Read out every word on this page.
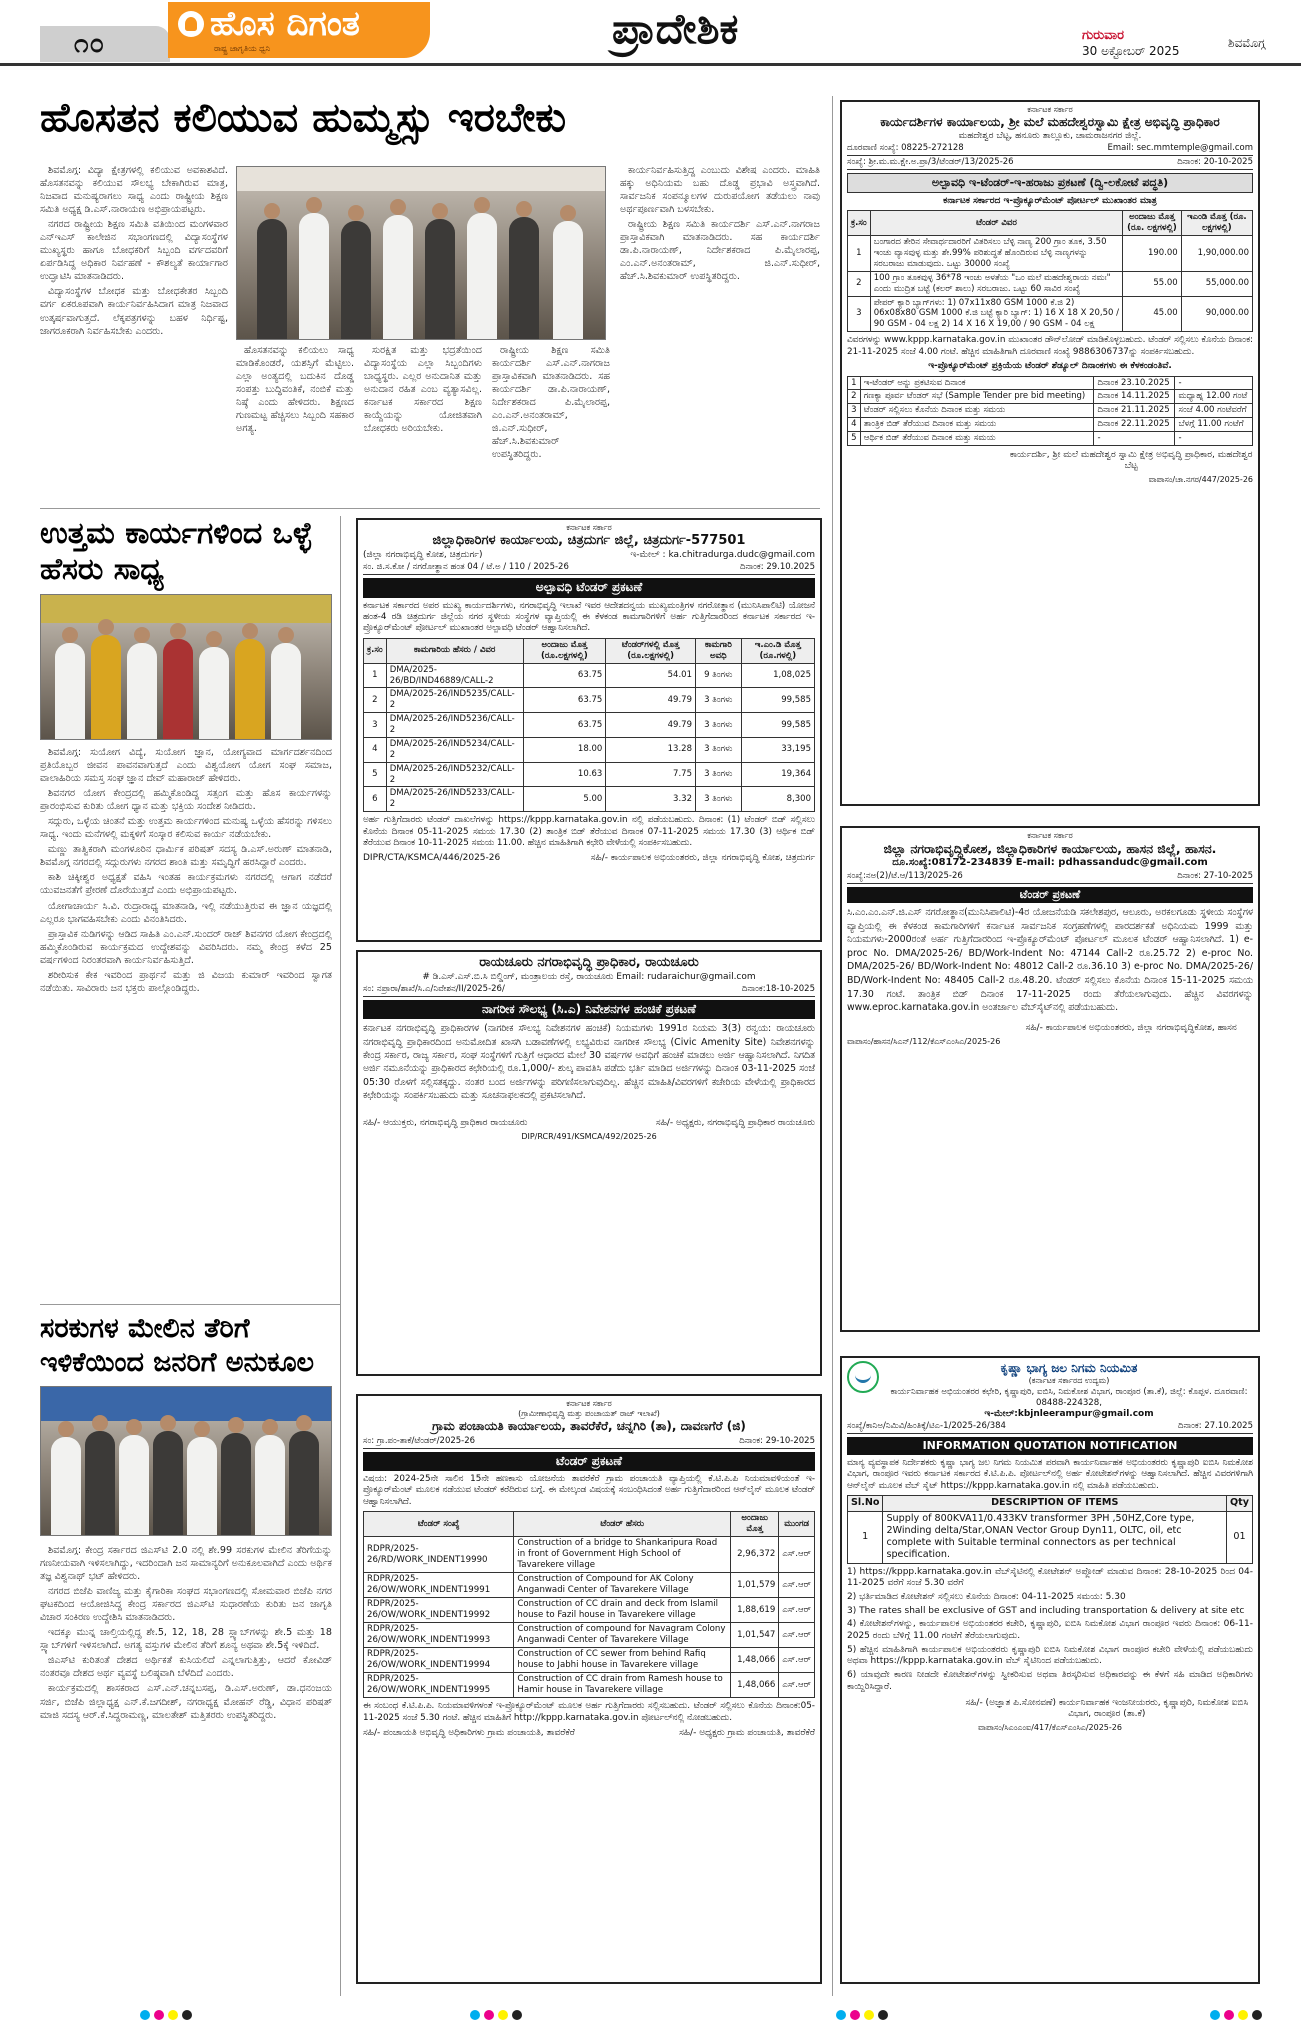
೧೦	ಹೊಸ ದಿಗಂತ
ರಾಷ್ಟ್ರ ಜಾಗೃತಿಯ ಧ್ವನಿ	ಪ್ರಾದೇಶಿಕ	ಗುರುವಾರ
30 ಅಕ್ಟೋಬರ್ 2025
ಶಿವಮೊಗ್ಗ
ಹೊಸತನ ಕಲಿಯುವ ಹುಮ್ಮಸ್ಸು ಇರಬೇಕು

ಶಿವಮೊಗ್ಗ: ವಿದ್ಯಾ ಕ್ಷೇತ್ರಗಳಲ್ಲಿ ಕಲಿಯುವ ಅವಕಾಶವಿದೆ. ಹೊಸತನವನ್ನು ಕಲಿಯುವ ಸೌಲಭ್ಯ ಬೇಕಾಗಿರುವ ಮಾತ್ರ, ನಿಜವಾದ ಮನುಷ್ಯರಾಗಲು ಸಾಧ್ಯ ಎಂದು ರಾಷ್ಟ್ರೀಯ ಶಿಕ್ಷಣ ಸಮಿತಿ ಅಧ್ಯಕ್ಷ ಡಿ.ಎಸ್.ನಾರಾಯಣ ಅಭಿಪ್ರಾಯಪಟ್ಟರು.

ನಗರದ ರಾಷ್ಟ್ರೀಯ ಶಿಕ್ಷಣ ಸಮಿತಿ ವತಿಯಿಂದ ಮಂಗಳವಾರ ಎನ್‌ಇಎಸ್ ಕಾಲೇಜಿನ ಸಭಾಂಗಣದಲ್ಲಿ ವಿದ್ಯಾಸಂಸ್ಥೆಗಳ ಮುಖ್ಯಸ್ಥರು ಹಾಗೂ ಬೋಧಕರಿಗೆ ಸಿಬ್ಬಂದಿ ವರ್ಗದವರಿಗೆ ಏರ್ಪಡಿಸಿದ್ದ ಅಧಿಕಾರ ನಿರ್ವಹಣೆ - ಕೌಶಲ್ಯತೆ ಕಾರ್ಯಾಗಾರ ಉದ್ಘಾಟಿಸಿ ಮಾತನಾಡಿದರು.

ವಿದ್ಯಾಸಂಸ್ಥೆಗಳ ಬೋಧಕ ಮತ್ತು ಬೋಧಕೇತರ ಸಿಬ್ಬಂದಿ ವರ್ಗ ಏಕರೂಪವಾಗಿ ಕಾರ್ಯನಿರ್ವಹಿಸಿದಾಗ ಮಾತ್ರ ನಿಜವಾದ ಉತ್ಕರ್ಷವಾಗುತ್ತದೆ. ಲೆಕ್ಕಪತ್ರಗಳನ್ನು ಬಹಳ ನಿರ್ಧಿಷ್ಟ, ಜಾಗರೂಕರಾಗಿ ನಿರ್ವಹಿಸಬೇಕು ಎಂದರು.

ಹೊಸತನವನ್ನು ಕಲಿಯಲು ಸಾಧ್ಯ ಮಾಡಿಕೊಂಡರೆ, ಯಶಸ್ಸಿಗೆ ಮೆಟ್ಟಿಲು. ಎಲ್ಲಾ ಅಂತ್ಯದಲ್ಲಿ ಬದುಕಿನ ದೊಡ್ಡ ಸಂಪತ್ತು ಬುದ್ಧಿವಂತಿಕೆ, ನಂಬಿಕೆ ಮತ್ತು ನಿಷ್ಠೆ ಎಂದು ಹೇಳಿದರು. ಶಿಕ್ಷಣದ ಗುಣಮಟ್ಟ ಹೆಚ್ಚಿಸಲು ಸಿಬ್ಬಂದಿ ಸಹಕಾರ ಅಗತ್ಯ.

ಸುರಕ್ಷಿತ ಮತ್ತು ಭದ್ರತೆಯಿಂದ ವಿದ್ಯಾಸಂಸ್ಥೆಯ ಎಲ್ಲಾ ಸಿಬ್ಬಂದಿಗಳು ಬಾಧ್ಯಸ್ಥರು. ಎಲ್ಲರ ಅನುದಾನಿತ ಮತ್ತು ಅನುದಾನ ರಹಿತ ಎಂಬ ವ್ಯತ್ಯಾಸವಿಲ್ಲ. ಕರ್ನಾಟಕ ಸರ್ಕಾರದ ಶಿಕ್ಷಣ ಕಾಯ್ದೆಯನ್ನು ಯೋಜಿತವಾಗಿ ಬೋಧಕರು ಅರಿಯಬೇಕು.

ಕಾರ್ಯನಿರ್ವಹಿಸುತ್ತಿದ್ದ ಎಂಬುದು ವಿಶೇಷ ಎಂದರು. ಮಾಹಿತಿ ಹಕ್ಕು ಅಧಿನಿಯಮ ಬಹು ದೊಡ್ಡ ಪ್ರಭಾವಿ ಅಸ್ತ್ರವಾಗಿದೆ. ಸಾರ್ವಜನಿಕ ಸಂಪನ್ಮೂಲಗಳ ದುರುಪಯೋಗ ತಡೆಯಲು ನಾವು ಅರ್ಥಪೂರ್ಣವಾಗಿ ಬಳಸಬೇಕು.

ರಾಷ್ಟ್ರೀಯ ಶಿಕ್ಷಣ ಸಮಿತಿ ಕಾರ್ಯದರ್ಶಿ ಎಸ್.ಎನ್.ನಾಗರಾಜ ಪ್ರಾಸ್ತಾವಿಕವಾಗಿ ಮಾತನಾಡಿದರು. ಸಹ ಕಾರ್ಯದರ್ಶಿ ಡಾ.ಪಿ.ನಾರಾಯಣ್, ನಿರ್ದೇಶಕರಾದ ಪಿ.ಮೈಲಾರಪ್ಪ, ಎಂ.ಎನ್.ಅನಂತರಾಮ್, ಜಿ.ಎನ್.ಸುಧೀರ್, ಹೆಚ್.ಸಿ.ಶಿವಕುಮಾರ್ ಉಪಸ್ಥಿತರಿದ್ದರು.

ರಾಷ್ಟ್ರೀಯ ಶಿಕ್ಷಣ ಸಮಿತಿ ಕಾರ್ಯದರ್ಶಿ ಎಸ್.ಎನ್.ನಾಗರಾಜ ಪ್ರಾಸ್ತಾವಿಕವಾಗಿ ಮಾತನಾಡಿದರು. ಸಹ ಕಾರ್ಯದರ್ಶಿ ಡಾ.ಪಿ.ನಾರಾಯಣ್, ನಿರ್ದೇಶಕರಾದ ಪಿ.ಮೈಲಾರಪ್ಪ, ಎಂ.ಎನ್.ಅನಂತರಾಮ್, ಜಿ.ಎನ್.ಸುಧೀರ್, ಹೆಚ್.ಸಿ.ಶಿವಕುಮಾರ್ ಉಪಸ್ಥಿತರಿದ್ದರು.

ಉತ್ತಮ ಕಾರ್ಯಗಳಿಂದ ಒಳ್ಳೆ ಹೆಸರು ಸಾಧ್ಯ

ಶಿವಮೊಗ್ಗ: ಸುಯೋಗ ವಿದ್ಯೆ, ಸುಯೋಗ ಜ್ಞಾನ, ಯೋಗ್ಯವಾದ ಮಾರ್ಗದರ್ಶನದಿಂದ ಪ್ರತಿಯೊಬ್ಬರ ಜೀವನ ಪಾವನವಾಗುತ್ತದೆ ಎಂದು ವಿಶ್ವಯೋಗ ಯೋಗ ಸಂಘ ಸಮಾಜ, ವಾಲಾಹಿರಿಯ ಸಮಸ್ತ ಸಂಘ ಜ್ಞಾನ ದೇವ್ ಮಹಾರಾಜ್ ಹೇಳಿದರು.

ಶಿವನಗರ ಯೋಗ ಕೇಂದ್ರದಲ್ಲಿ ಹಮ್ಮಿಕೊಂಡಿದ್ದ ಸತ್ಸಂಗ ಮತ್ತು ಹೊಸ ಕಾರ್ಯಗಳನ್ನು ಪ್ರಾರಂಭಿಸುವ ಕುರಿತು ಯೋಗ ಧ್ಯಾನ ಮತ್ತು ಭಕ್ತಿಯ ಸಂದೇಶ ನೀಡಿದರು.

ಸದ್ಗುರು, ಒಳ್ಳೆಯ ಚಿಂತನೆ ಮತ್ತು ಉತ್ತಮ ಕಾರ್ಯಗಳಿಂದ ಮನುಷ್ಯ ಒಳ್ಳೆಯ ಹೆಸರನ್ನು ಗಳಿಸಲು ಸಾಧ್ಯ. ಇಂದು ಮನೆಗಳಲ್ಲಿ ಮಕ್ಕಳಿಗೆ ಸಂಸ್ಕಾರ ಕಲಿಸುವ ಕಾರ್ಯ ನಡೆಯಬೇಕು.

ಮಣ್ಣು ತಾತ್ವಿಕರಾಗಿ ಮಂಗಳೂರಿನ ಧಾರ್ಮಿಕ ಪರಿಷತ್ ಸದಸ್ಯ ಡಿ.ಎಸ್.ಅರುಣ್ ಮಾತನಾಡಿ, ಶಿವಮೊಗ್ಗ ನಗರದಲ್ಲಿ ಸದ್ಗುರುಗಳು ನಗರದ ಶಾಂತಿ ಮತ್ತು ಸಮೃದ್ಧಿಗೆ ಹರಸಿದ್ದಾರೆ ಎಂದರು.

ಕಾಶಿ ಚಿಕ್ಕೀಶ್ವರ ಅಧ್ಯಕ್ಷತೆ ವಹಿಸಿ ಇಂತಹ ಕಾರ್ಯಕ್ರಮಗಳು ನಗರದಲ್ಲಿ ಆಗಾಗ ನಡೆದರೆ ಯುವಜನತೆಗೆ ಪ್ರೇರಣೆ ದೊರೆಯುತ್ತದೆ ಎಂದು ಅಭಿಪ್ರಾಯಪಟ್ಟರು.

ಯೋಗಾಚಾರ್ಯ ಸಿ.ವಿ. ರುದ್ರಾರಾಧ್ಯ ಮಾತನಾಡಿ, ಇಲ್ಲಿ ನಡೆಯುತ್ತಿರುವ ಈ ಜ್ಞಾನ ಯಜ್ಞದಲ್ಲಿ ಎಲ್ಲರೂ ಭಾಗವಹಿಸಬೇಕು ಎಂದು ವಿನಂತಿಸಿದರು.

ಪ್ರಾಸ್ತಾವಿಕ ನುಡಿಗಳನ್ನು ಆಡಿದ ಸಾಹಿತಿ ಎಂ.ಎನ್.ಸುಂದರ್ ರಾಜ್ ಶಿವನಗರ ಯೋಗ ಕೇಂದ್ರದಲ್ಲಿ ಹಮ್ಮಿಕೊಂಡಿರುವ ಕಾರ್ಯಕ್ರಮದ ಉದ್ದೇಶವನ್ನು ವಿವರಿಸಿದರು. ನಮ್ಮ ಕೇಂದ್ರ ಕಳೆದ 25 ವರ್ಷಗಳಿಂದ ನಿರಂತರವಾಗಿ ಕಾರ್ಯನಿರ್ವಹಿಸುತ್ತಿದೆ.

ಶರೀರಿಸುಕ ಕೇಕ ಇವರಿಂದ ಪ್ರಾರ್ಥನೆ ಮತ್ತು ಜಿ ವಿಜಯ ಕುಮಾರ್ ಇವರಿಂದ ಸ್ವಾಗತ ನಡೆಯಿತು. ಸಾವಿರಾರು ಜನ ಭಕ್ತರು ಪಾಲ್ಗೊಂಡಿದ್ದರು.

ಸರಕುಗಳ ಮೇಲಿನ ತೆರಿಗೆ ಇಳಿಕೆಯಿಂದ ಜನರಿಗೆ ಅನುಕೂಲ

ಶಿವಮೊಗ್ಗ: ಕೇಂದ್ರ ಸರ್ಕಾರದ ಜಿಎಸ್‌ಟಿ 2.0 ನಲ್ಲಿ ಶೇ.99 ಸರಕುಗಳ ಮೇಲಿನ ತೆರಿಗೆಯನ್ನು ಗಣನೀಯವಾಗಿ ಇಳಿಸಲಾಗಿದ್ದು, ಇದರಿಂದಾಗಿ ಜನ ಸಾಮಾನ್ಯರಿಗೆ ಅನುಕೂಲವಾಗಿದೆ ಎಂದು ಅರ್ಥಿಕ ತಜ್ಞ ವಿಶ್ವನಾಥ್ ಭಟ್ ಹೇಳಿದರು.

ನಗರದ ಬಿಜೆಪಿ ವಾಣಿಜ್ಯ ಮತ್ತು ಕೈಗಾರಿಕಾ ಸಂಘದ ಸಭಾಂಗಣದಲ್ಲಿ ಸೋಮವಾರ ಬಿಜೆಪಿ ನಗರ ಘಟಕದಿಂದ ಆಯೋಜಿಸಿದ್ದ ಕೇಂದ್ರ ಸರ್ಕಾರದ ಜಿಎಸ್‌ಟಿ ಸುಧಾರಣೆಯ ಕುರಿತು ಜನ ಜಾಗೃತಿ ವಿಚಾರ ಸಂಕಿರಣ ಉದ್ದೇಶಿಸಿ ಮಾತನಾಡಿದರು.

ಇದಕ್ಕೂ ಮುನ್ನ ಚಾಲ್ತಿಯಲ್ಲಿದ್ದ ಶೇ.5, 12, 18, 28 ಸ್ಲ್ಯಾಬ್‌ಗಳನ್ನು ಶೇ.5 ಮತ್ತು 18 ಸ್ಲ್ಯಾಬ್‌ಗಳಿಗೆ ಇಳಿಸಲಾಗಿದೆ. ಅಗತ್ಯ ವಸ್ತುಗಳ ಮೇಲಿನ ತೆರಿಗೆ ಶೂನ್ಯ ಅಥವಾ ಶೇ.5ಕ್ಕೆ ಇಳಿದಿದೆ.

ಜಿಎಸ್‌ಟಿ ಕುರಿತಂತೆ ದೇಶದ ಅರ್ಥಿಕತೆ ಕುಸಿಯಲಿದೆ ಎನ್ನಲಾಗುತ್ತಿತ್ತು, ಆದರೆ ಕೋವಿಡ್ ನಂತರವೂ ದೇಶದ ಅರ್ಥ ವ್ಯವಸ್ಥೆ ಬಲಿಷ್ಠವಾಗಿ ಬೆಳೆದಿದೆ ಎಂದರು.

ಕಾರ್ಯಕ್ರಮದಲ್ಲಿ ಶಾಸಕರಾದ ಎಸ್.ಎನ್.ಚನ್ನಬಸಪ್ಪ, ಡಿ.ಎಸ್.ಅರುಣ್, ಡಾ.ಧನಂಜಯ ಸರ್ಜಿ, ಬಿಜೆಪಿ ಜಿಲ್ಲಾಧ್ಯಕ್ಷ ಎನ್.ಕೆ.ಜಗದೀಶ್, ನಗರಾಧ್ಯಕ್ಷ ಮೋಹನ್ ರೆಡ್ಡಿ, ವಿಧಾನ ಪರಿಷತ್ ಮಾಜಿ ಸದಸ್ಯ ಆರ್.ಕೆ.ಸಿದ್ದರಾಮಣ್ಣ, ಮಾಲತೇಶ್ ಮತ್ತಿತರರು ಉಪಸ್ಥಿತರಿದ್ದರು.

ಕರ್ನಾಟಕ ಸರ್ಕಾರ
ಜಿಲ್ಲಾಧಿಕಾರಿಗಳ ಕಾರ್ಯಾಲಯ, ಚಿತ್ರದುರ್ಗ ಜಿಲ್ಲೆ, ಚಿತ್ರದುರ್ಗ-577501
(ಜಿಲ್ಲಾ ನಗರಾಭಿವೃದ್ಧಿ ಕೋಶ, ಚಿತ್ರದುರ್ಗ)	ಇ-ಮೇಲ್ : ka.chitradurga.dudc@gmail.com
ಸಂ. ಜಿ.ಸ.ಕೋ / ನಗರೋತ್ಥಾನ ಹಂತ 04 / ಟೆ.ಅ / 110 / 2025-26	ದಿನಾಂಕ: 29.10.2025
ಅಲ್ಪಾವಧಿ ಟೆಂಡರ್ ಪ್ರಕಟಣೆ
ಕರ್ನಾಟಕ ಸರ್ಕಾರದ ಅಪರ ಮುಖ್ಯ ಕಾರ್ಯದರ್ಶಿಗಳು, ನಗರಾಭಿವೃದ್ಧಿ ಇಲಾಖೆ ಇವರ ಆದೇಶದನ್ವಯ ಮುಖ್ಯಮಂತ್ರಿಗಳ ನಗರೋತ್ಥಾನ (ಮುನಿಸಿಪಾಲಿಟಿ) ಯೋಜನೆ ಹಂತ-4 ರಡಿ ಚಿತ್ರದುರ್ಗ ಜಿಲ್ಲೆಯ ನಗರ ಸ್ಥಳೀಯ ಸಂಸ್ಥೆಗಳ ವ್ಯಾಪ್ತಿಯಲ್ಲಿ ಈ ಕೆಳಕಂಡ ಕಾಮಗಾರಿಗಳಿಗೆ ಅರ್ಹ ಗುತ್ತಿಗೆದಾರರಿಂದ ಕರ್ನಾಟಕ ಸರ್ಕಾರದ ಇ-ಪ್ರೊಕ್ಯೂರ್‌ಮೆಂಟ್ ಪೋರ್ಟಲ್ ಮುಖಾಂತರ ಅಲ್ಪಾವಧಿ ಟೆಂಡರ್ ಆಹ್ವಾನಿಸಲಾಗಿದೆ.
ಕ್ರ.ಸಂ	ಕಾಮಗಾರಿಯ ಹೆಸರು / ವಿವರ	ಅಂದಾಜು ಮೊತ್ತ (ರೂ.ಲಕ್ಷಗಳಲ್ಲಿ)	ಟೆಂಡರ್‌ಗಳಲ್ಲಿ ಮೊತ್ತ (ರೂ.ಲಕ್ಷಗಳಲ್ಲಿ)	ಕಾಮಗಾರಿ ಅವಧಿ	ಇ.ಎಂ.ಡಿ ಮೊತ್ತ (ರೂ.ಗಳಲ್ಲಿ)
1	DMA/2025-26/BD/IND46889/CALL-2	63.75	54.01	9 ತಿಂಗಳು	1,08,025
2	DMA/2025-26/IND5235/CALL-2	63.75	49.79	3 ತಿಂಗಳು	99,585
3	DMA/2025-26/IND5236/CALL-2	63.75	49.79	3 ತಿಂಗಳು	99,585
4	DMA/2025-26/IND5234/CALL-2	18.00	13.28	3 ತಿಂಗಳು	33,195
5	DMA/2025-26/IND5232/CALL-2	10.63	7.75	3 ತಿಂಗಳು	19,364
6	DMA/2025-26/IND5233/CALL-2	5.00	3.32	3 ತಿಂಗಳು	8,300
ಅರ್ಹ ಗುತ್ತಿಗೆದಾರರು ಟೆಂಡರ್ ದಾಖಲೆಗಳನ್ನು https://kppp.karnataka.gov.in ನಲ್ಲಿ ಪಡೆಯಬಹುದು. ದಿನಾಂಕ: (1) ಟೆಂಡರ್ ಬಿಡ್ ಸಲ್ಲಿಸಲು ಕೊನೆಯ ದಿನಾಂಕ 05-11-2025 ಸಮಯ 17.30 (2) ತಾಂತ್ರಿಕ ಬಿಡ್ ತೆರೆಯುವ ದಿನಾಂಕ 07-11-2025 ಸಮಯ 17.30 (3) ಆರ್ಥಿಕ ಬಿಡ್ ತೆರೆಯುವ ದಿನಾಂಕ 10-11-2025 ಸಮಯ 11.00. ಹೆಚ್ಚಿನ ಮಾಹಿತಿಗಾಗಿ ಕಛೇರಿ ವೇಳೆಯಲ್ಲಿ ಸಂಪರ್ಕಿಸಬಹುದು.
DIPR/CTA/KSMCA/446/2025-26	ಸಹಿ/- ಕಾರ್ಯಪಾಲಕ ಅಭಿಯಂತರರು, ಜಿಲ್ಲಾ ನಗರಾಭಿವೃದ್ಧಿ ಕೋಶ, ಚಿತ್ರದುರ್ಗ
ರಾಯಚೂರು ನಗರಾಭಿವೃದ್ಧಿ ಪ್ರಾಧಿಕಾರ, ರಾಯಚೂರು
# ಡಿ.ಎಸ್.ಎಸ್.ಬಿ.ಸಿ ಬಿಲ್ಡಿಂಗ್, ಮಂತ್ರಾಲಯ ರಸ್ತೆ, ರಾಯಚೂರು Email: rudaraichur@gmail.com
ಸಂ: ನಪ್ರಾರಾ/ಶಾಖೆ/ಸಿ.ಎ/ನಿವೇಶನ/II/2025-26/	ದಿನಾಂಕ:18-10-2025
ನಾಗರೀಕ ಸೌಲಭ್ಯ (ಸಿ.ಎ) ನಿವೇಶನಗಳ ಹಂಚಿಕೆ ಪ್ರಕಟಣೆ
ಕರ್ನಾಟಕ ನಗರಾಭಿವೃದ್ಧಿ ಪ್ರಾಧಿಕಾರಗಳ (ನಾಗರೀಕ ಸೌಲಭ್ಯ ನಿವೇಶನಗಳ ಹಂಚಿಕೆ) ನಿಯಮಗಳು 1991ರ ನಿಯಮ 3(3) ರನ್ವಯ: ರಾಯಚೂರು ನಗರಾಭಿವೃದ್ಧಿ ಪ್ರಾಧಿಕಾರದಿಂದ ಅನುಮೋದಿತ ಖಾಸಗಿ ಬಡಾವಣೆಗಳಲ್ಲಿ ಲಭ್ಯವಿರುವ ನಾಗರೀಕ ಸೌಲಭ್ಯ (Civic Amenity Site) ನಿವೇಶನಗಳನ್ನು ಕೇಂದ್ರ ಸರ್ಕಾರ, ರಾಜ್ಯ ಸರ್ಕಾರ, ಸಂಘ ಸಂಸ್ಥೆಗಳಿಗೆ ಗುತ್ತಿಗೆ ಆಧಾರದ ಮೇಲೆ 30 ವರ್ಷಗಳ ಅವಧಿಗೆ ಹಂಚಿಕೆ ಮಾಡಲು ಅರ್ಜಿ ಆಹ್ವಾನಿಸಲಾಗಿದೆ. ನಿಗದಿತ ಅರ್ಜಿ ನಮೂನೆಯನ್ನು ಪ್ರಾಧಿಕಾರದ ಕಛೇರಿಯಲ್ಲಿ ರೂ.1,000/- ಶುಲ್ಕ ಪಾವತಿಸಿ ಪಡೆದು ಭರ್ತಿ ಮಾಡಿದ ಅರ್ಜಿಗಳನ್ನು ದಿನಾಂಕ 03-11-2025 ಸಂಜೆ 05:30 ರೊಳಗೆ ಸಲ್ಲಿಸತಕ್ಕದ್ದು. ನಂತರ ಬಂದ ಅರ್ಜಿಗಳನ್ನು ಪರಿಗಣಿಸಲಾಗುವುದಿಲ್ಲ. ಹೆಚ್ಚಿನ ಮಾಹಿತಿ/ವಿವರಗಳಿಗೆ ಕಚೇರಿಯ ವೇಳೆಯಲ್ಲಿ ಪ್ರಾಧಿಕಾರದ ಕಛೇರಿಯನ್ನು ಸಂಪರ್ಕಿಸಬಹುದು ಮತ್ತು ಸೂಚನಾಫಲಕದಲ್ಲಿ ಪ್ರಕಟಿಸಲಾಗಿದೆ.
ಸಹಿ/- ಆಯುಕ್ತರು, ನಗರಾಭಿವೃದ್ಧಿ ಪ್ರಾಧಿಕಾರ ರಾಯಚೂರು	ಸಹಿ/- ಅಧ್ಯಕ್ಷರು, ನಗರಾಭಿವೃದ್ಧಿ ಪ್ರಾಧಿಕಾರ ರಾಯಚೂರು
DIP/RCR/491/KSMCA/492/2025-26
ಕರ್ನಾಟಕ ಸರ್ಕಾರ
(ಗ್ರಾಮೀಣಾಭಿವೃದ್ಧಿ ಮತ್ತು ಪಂಚಾಯತ್ ರಾಜ್ ಇಲಾಖೆ)
ಗ್ರಾಮ ಪಂಚಾಯತಿ ಕಾರ್ಯಾಲಯ, ತಾವರೆಕೆರೆ, ಚನ್ನಗಿರಿ (ತಾ), ದಾವಣಗೆರೆ (ಜಿ)
ಸಂ: ಗ್ರಾ.ಪಂ-ತಾಕೆ/ಟೆಂಡರ್/2025-26	ದಿನಾಂಕ: 29-10-2025
ಟೆಂಡರ್ ಪ್ರಕಟಣೆ
ವಿಷಯ: 2024-25ನೇ ಸಾಲಿನ 15ನೇ ಹಣಕಾಸು ಯೋಜನೆಯ ತಾವರೆಕೆರೆ ಗ್ರಾಮ ಪಂಚಾಯತಿ ವ್ಯಾಪ್ತಿಯಲ್ಲಿ ಕೆ.ಟಿ.ಪಿ.ಪಿ ನಿಯಮಾವಳಿಯಂತೆ ಇ-ಪ್ರೊಕ್ಯೂರ್‌ಮೆಂಟ್ ಮೂಲಕ ನಡೆಯುವ ಟೆಂಡರ್ ಕರೆದಿರುವ ಬಗ್ಗೆ. ಈ ಮೇಲ್ಕಂಡ ವಿಷಯಕ್ಕೆ ಸಂಬಂಧಿಸಿದಂತೆ ಅರ್ಹ ಗುತ್ತಿಗೆದಾರರಿಂದ ಆನ್‌ಲೈನ್ ಮೂಲಕ ಟೆಂಡರ್ ಆಹ್ವಾನಿಸಲಾಗಿದೆ.
ಟೆಂಡರ್ ಸಂಖ್ಯೆ	ಟೆಂಡರ್ ಹೆಸರು	ಅಂದಾಜು ಮೊತ್ತ	ಮುಂಗಡ
RDPR/2025-26/RD/WORK_INDENT19990	Construction of a bridge to Shankaripura Road in front of Government High School of Tavarekere village	2,96,372	ಎಸ್.ಆರ್
RDPR/2025-26/OW/WORK_INDENT19991	Construction of Compound for AK Colony Anganwadi Center of Tavarekere Village	1,01,579	ಎಸ್.ಆರ್
RDPR/2025-26/OW/WORK_INDENT19992	Construction of CC drain and deck from Islamil house to Fazil house in Tavarekere village	1,88,619	ಎಸ್.ಆರ್
RDPR/2025-26/OW/WORK_INDENT19993	Construction of compound for Navagram Colony Anganwadi Center of Tavarekere Village	1,01,547	ಎಸ್.ಆರ್
RDPR/2025-26/OW/WORK_INDENT19994	Construction of CC sewer from behind Rafiq house to Jabhi house in Tavarekere village	1,48,066	ಎಸ್.ಆರ್
RDPR/2025-26/OW/WORK_INDENT19995	Construction of CC drain from Ramesh house to Hamir house in Tavarekere village	1,48,066	ಎಸ್.ಆರ್
ಈ ಸಂಬಂಧ ಕೆ.ಟಿ.ಪಿ.ಪಿ. ನಿಯಮಾವಳಿಗಳಂತೆ ಇ-ಪ್ರೊಕ್ಯೂರ್‌ಮೆಂಟ್ ಮೂಲಕ ಅರ್ಹ ಗುತ್ತಿಗೆದಾರರು ಸಲ್ಲಿಸಬಹುದು. ಟೆಂಡರ್ ಸಲ್ಲಿಸಲು ಕೊನೆಯ ದಿನಾಂಕ:05-11-2025 ಸಂಜೆ 5.30 ಗಂಟೆ. ಹೆಚ್ಚಿನ ಮಾಹಿತಿಗೆ http://kppp.karnataka.gov.in ಪೋರ್ಟಲ್‌ನಲ್ಲಿ ನೋಡಬಹುದು.
ಸಹಿ/- ಪಂಚಾಯತಿ ಅಭಿವೃದ್ಧಿ ಅಧಿಕಾರಿಗಳು ಗ್ರಾಮ ಪಂಚಾಯತಿ, ತಾವರೆಕೆರೆ	ಸಹಿ/- ಅಧ್ಯಕ್ಷರು ಗ್ರಾಮ ಪಂಚಾಯತಿ, ತಾವರೆಕೆರೆ
ಕರ್ನಾಟಕ ಸರ್ಕಾರ
ಕಾರ್ಯದರ್ಶಿಗಳ ಕಾರ್ಯಾಲಯ, ಶ್ರೀ ಮಲೆ ಮಹದೇಶ್ವರಸ್ವಾಮಿ ಕ್ಷೇತ್ರ ಅಭಿವೃದ್ಧಿ ಪ್ರಾಧಿಕಾರ
ಮಹದೇಶ್ವರ ಬೆಟ್ಟ, ಹನೂರು ತಾಲ್ಲೂಕು, ಚಾಮರಾಜನಗರ ಜಿಲ್ಲೆ.
ದೂರವಾಣಿ ಸಂಖ್ಯೆ: 08225-272128	Email: sec.mmtemple@gmail.com
ಸಂಖ್ಯೆ: ಶ್ರೀ.ಮ.ಮ.ಕ್ಷೇ.ಅ.ಪ್ರಾ/3/ಟೆಂಡರ್/13/2025-26	ದಿನಾಂಕ: 20-10-2025
ಅಲ್ಪಾವಧಿ ಇ-ಟೆಂಡರ್-ಇ-ಹರಾಜು ಪ್ರಕಟಣೆ (ದ್ವಿ-ಲಕೋಟೆ ಪದ್ಧತಿ)
ಕರ್ನಾಟಕ ಸರ್ಕಾರದ ಇ-ಪ್ರೊಕ್ಯೂರ್‌ಮೆಂಟ್ ಪೋರ್ಟಲ್ ಮುಖಾಂತರ ಮಾತ್ರ
ಕ್ರ.ಸಂ	ಟೆಂಡರ್ ವಿವರ	ಅಂದಾಜು ಮೊತ್ತ (ರೂ. ಲಕ್ಷಗಳಲ್ಲಿ)	ಇಎಂಡಿ ಮೊತ್ತ (ರೂ. ಲಕ್ಷಗಳಲ್ಲಿ)
1	ಬಂಗಾರದ ತೇರಿನ ಸೇವಾರ್ಥದಾರರಿಗೆ ವಿತರಿಸಲು ಬೆಳ್ಳಿ ನಾಣ್ಯ 200 ಗ್ರಾಂ ತೂಕ, 3.50 ಇಂಚು ವ್ಯಾಸವುಳ್ಳ ಮತ್ತು ಶೇ.99% ಪರಿಶುದ್ಧತೆ ಹೊಂದಿರುವ ಬೆಳ್ಳಿ ನಾಣ್ಯಗಳನ್ನು ಸರಬರಾಜು ಮಾಡುವುದು. ಒಟ್ಟು 30000 ಸಂಖ್ಯೆ	190.00	1,90,000.00
2	100 ಗ್ರಾಂ ತೂಕವುಳ್ಳ 36*78 ಇಂಚು ಅಳತೆಯ "ಒಂ ಮಲೆ ಮಹದೇಶ್ವರಾಯ ನಮಃ" ಎಂದು ಮುದ್ರಿತ ಬಟ್ಟೆ (ಕಲರ್ ಶಾಲು) ಸರಬರಾಜು. ಒಟ್ಟು 60 ಸಾವಿರ ಸಂಖ್ಯೆ	55.00	55,000.00
3	ಪೇಪರ್ ಕ್ಯಾರಿ ಬ್ಯಾಗ್‌ಗಳು: 1) 07x11x80 GSM 1000 ಕೆ.ಜಿ 2) 06x08x80 GSM 1000 ಕೆ.ಜಿ ಬಟ್ಟೆ ಕ್ಯಾರಿ ಬ್ಯಾಗ್: 1) 16 X 18 X 20,50 / 90 GSM - 04 ಲಕ್ಷ 2) 14 X 16 X 19,00 / 90 GSM - 04 ಲಕ್ಷ	45.00	90,000.00
ವಿವರಗಳನ್ನು www.kppp.karnataka.gov.in ಮುಖಾಂತರ ಡೌನ್‌ಲೋಡ್ ಮಾಡಿಕೊಳ್ಳಬಹುದು. ಟೆಂಡರ್ ಸಲ್ಲಿಸಲು ಕೊನೆಯ ದಿನಾಂಕ: 21-11-2025 ಸಂಜೆ 4.00 ಗಂಟೆ. ಹೆಚ್ಚಿನ ಮಾಹಿತಿಗಾಗಿ ದೂರವಾಣಿ ಸಂಖ್ಯೆ 9886306737ನ್ನು ಸಂಪರ್ಕಿಸಬಹುದು.
ಇ-ಪ್ರೊಕ್ಯೂರ್‌ಮೆಂಟ್ ಪ್ರಕ್ರಿಯೆಯ ಟೆಂಡರ್ ಶೆಡ್ಯೂಲ್ ದಿನಾಂಕಗಳು ಈ ಕೆಳಕಂಡಂತಿವೆ.
1	ಇ-ಟೆಂಡರ್ ಅನ್ನು ಪ್ರಕಟಿಸುವ ದಿನಾಂಕ	ದಿನಾಂಕ 23.10.2025	-
2	ಗಣಕ್ಯಾ ಪೂರ್ವ ಟೆಂಡರ್ ಸಭೆ (Sample Tender pre bid meeting)	ದಿನಾಂಕ 14.11.2025	ಮಧ್ಯಾಹ್ನ 12.00 ಗಂಟೆ
3	ಟೆಂಡರ್ ಸಲ್ಲಿಸಲು ಕೊನೆಯ ದಿನಾಂಕ ಮತ್ತು ಸಮಯ	ದಿನಾಂಕ 21.11.2025	ಸಂಜೆ 4.00 ಗಂಟೆವರೆಗೆ
4	ತಾಂತ್ರಿಕ ಬಿಡ್ ತೆರೆಯುವ ದಿನಾಂಕ ಮತ್ತು ಸಮಯ	ದಿನಾಂಕ 22.11.2025	ಬೆಳಗ್ಗೆ 11.00 ಗಂಟೆಗೆ
5	ಆರ್ಥಿಕ ಬಿಡ್ ತೆರೆಯುವ ದಿನಾಂಕ ಮತ್ತು ಸಮಯ	-	-
ಕಾರ್ಯದರ್ಶಿ, ಶ್ರೀ ಮಲೆ ಮಹದೇಶ್ವರ ಸ್ವಾಮಿ ಕ್ಷೇತ್ರ ಅಭಿವೃದ್ಧಿ ಪ್ರಾಧಿಕಾರ, ಮಹದೇಶ್ವರ ಬೆಟ್ಟ
ವಾಪಾಸಂ/ಚಾ.ನಗರ/447/2025-26
ಕರ್ನಾಟಕ ಸರ್ಕಾರ
ಜಿಲ್ಲಾ ನಗರಾಭಿವೃದ್ಧಿಕೋಶ, ಜಿಲ್ಲಾಧಿಕಾರಿಗಳ ಕಾರ್ಯಾಲಯ, ಹಾಸನ ಜಿಲ್ಲೆ, ಹಾಸನ.
ದೂ.ಸಂಖ್ಯೆ:08172-234839 E-mail: pdhassandudc@gmail.com
ಸಂಖ್ಯೆ:ನಅ(2)/ಟೆ.ಆ/113/2025-26	ದಿನಾಂಕ: 27-10-2025
ಟೆಂಡರ್ ಪ್ರಕಟಣೆ
ಸಿ.ಎಂ.ಎಂ.ಎನ್.ಜಿ.ಎಸ್ ನಗರೋತ್ಥಾನ(ಮುನಿಸಿಪಾಲಿಟಿ)-4ರ ಯೋಜನೆಯಡಿ ಸಕಲೇಶಪುರ, ಆಲೂರು, ಅರಕಲಗೂಡು ಸ್ಥಳೀಯ ಸಂಸ್ಥೆಗಳ ವ್ಯಾಪ್ತಿಯಲ್ಲಿ ಈ ಕೆಳಕಂಡ ಕಾಮಗಾರಿಗಳಿಗೆ ಕರ್ನಾಟಕ ಸಾರ್ವಜನಿಕ ಸಂಗ್ರಹಣೆಗಳಲ್ಲಿ ಪಾರದರ್ಶಕತೆ ಅಧಿನಿಯಮ 1999 ಮತ್ತು ನಿಯಮಗಳು-2000ರಂತೆ ಅರ್ಹ ಗುತ್ತಿಗೆದಾರರಿಂದ ಇ-ಪ್ರೊಕ್ಯೂರ್‌ಮೆಂಟ್ ಪೋರ್ಟಲ್ ಮೂಲಕ ಟೆಂಡರ್ ಆಹ್ವಾನಿಸಲಾಗಿದೆ. 1) e-proc No. DMA/2025-26/ BD/Work-Indent No: 47144 Call-2 ರೂ.25.72 2) e-proc No. DMA/2025-26/ BD/Work-Indent No: 48012 Call-2 ರೂ.36.10 3) e-proc No. DMA/2025-26/ BD/Work-Indent No: 48405 Call-2 ರೂ.48.20. ಟೆಂಡರ್ ಸಲ್ಲಿಸಲು ಕೊನೆಯ ದಿನಾಂಕ 15-11-2025 ಸಮಯ 17.30 ಗಂಟೆ. ತಾಂತ್ರಿಕ ಬಿಡ್ ದಿನಾಂಕ 17-11-2025 ರಂದು ತೆರೆಯಲಾಗುವುದು. ಹೆಚ್ಚಿನ ವಿವರಗಳನ್ನು www.eproc.karnataka.gov.in ಅಂತರ್ಜಾಲ ವೆಬ್‌ಸೈಟ್‌ನಲ್ಲಿ ಪಡೆಯಬಹುದು.
ಸಹಿ/- ಕಾರ್ಯಪಾಲಕ ಅಭಿಯಂತರರು, ಜಿಲ್ಲಾ ನಗರಾಭಿವೃದ್ಧಿಕೋಶ, ಹಾಸನ
ವಾಪಾಸಂ/ಹಾಸನ/ಸಿಎನ್/112/ಕೆಎಸ್‌ಎಂಸಿಎ/2025-26
ಕೃಷ್ಣಾ ಭಾಗ್ಯ ಜಲ ನಿಗಮ ನಿಯಮಿತ
(ಕರ್ನಾಟಕ ಸರ್ಕಾರದ ಉದ್ಯಮ)
ಕಾರ್ಯನಿರ್ವಾಹಕ ಅಭಿಯಂತರರ ಕಛೇರಿ, ಕೃಷ್ಣಾಪುರಿ, ಐಬಿಸಿ, ನಿಮಕೋಶ ವಿಭಾಗ, ರಾಂಪೂರ (ತಾ.ಕೆ), ಜಿಲ್ಲೆ: ಕೊಪ್ಪಳ. ದೂರವಾಣಿ: 08488-224328,
ಇ-ಮೇಲ್:kbjnleerampur@gmail.com
ಸಂಖ್ಯೆ/ಕಾನಿಅ/ನಿಮಿವಿ/ಹಿಂತಿಕ್ಕೆ/ಟಿಎ-1/2025-26/384	ದಿನಾಂಕ: 27.10.2025
INFORMATION QUOTATION NOTIFICATION
ಮಾನ್ಯ ವ್ಯವಸ್ಥಾಪಕ ನಿರ್ದೇಶಕರು ಕೃಷ್ಣಾ ಭಾಗ್ಯ ಜಲ ನಿಗಮ ನಿಯಮಿತ ಪರವಾಗಿ ಕಾರ್ಯನಿರ್ವಾಹಕ ಅಭಿಯಂತರರು ಕೃಷ್ಣಾಪುರಿ ಐಬಿಸಿ ನಿಮಕೋಶ ವಿಭಾಗ, ರಾಂಪೂರ ಇವರು ಕರ್ನಾಟಕ ಸರ್ಕಾರದ ಕೆ.ಟಿ.ಪಿ.ಪಿ. ಪೋರ್ಟಲ್‌ನಲ್ಲಿ ಅರ್ಹ ಕೋಟೇಶನ್‌ಗಳನ್ನು ಆಹ್ವಾನಿಸಲಾಗಿದೆ. ಹೆಚ್ಚಿನ ವಿವರಗಳಿಗಾಗಿ ಆನ್‌ಲೈನ್ ಮೂಲಕ ವೆಬ್ ಸೈಟ್ https://kppp.karnataka.gov.in ನಲ್ಲಿ ಮಾಹಿತಿ ಪಡೆಯಬಹುದು.
Sl.No	DESCRIPTION OF ITEMS	Qty
1	Supply of 800KVA11/0.433KV transformer 3PH ,50HZ,Core type, 2Winding delta/Star,ONAN Vector Group Dyn11, OLTC, oil, etc complete with Suitable terminal connectors as per technical specification.	01
1) https://kppp.karnataka.gov.in ವೆಬ್‌ಸೈಟಿನಲ್ಲಿ ಕೋಟೇಶನ್ ಅಪ್ಲೋಡ್ ಮಾಡುವ ದಿನಾಂಕ: 28-10-2025 ರಿಂದ 04-11-2025 ವರೆಗೆ ಸಂಜೆ 5.30 ವರೆಗೆ
2) ಭರ್ತಿಮಾಡಿದ ಕೋಟೇಶನ್ ಸಲ್ಲಿಸಲು ಕೊನೆಯ ದಿನಾಂಕ: 04-11-2025 ಸಮಯ: 5.30
3) The rates shall be exclusive of GST and including transportation & delivery at site etc
4) ಕೋಟೇಶನ್‌ಗಳನ್ನು, ಕಾರ್ಯಪಾಲಕ ಅಭಿಯಂತರರ ಕಚೇರಿ, ಕೃಷ್ಣಾಪುರಿ, ಐಬಿಸಿ ನಿಮಕೋಶ ವಿಭಾಗ ರಾಂಪೂರ ಇವರು ದಿನಾಂಕ: 06-11-2025 ರಂದು ಬೆಳಿಗ್ಗೆ 11.00 ಗಂಟೆಗೆ ತೆರೆಯಲಾಗುವುದು.
5) ಹೆಚ್ಚಿನ ಮಾಹಿತಿಗಾಗಿ ಕಾರ್ಯಪಾಲಕ ಅಭಿಯಂತರರು ಕೃಷ್ಣಾಪುರಿ ಐಬಿಸಿ ನಿಮಕೋಶ ವಿಭಾಗ ರಾಂಪೂರ ಕಚೇರಿ ವೇಳೆಯಲ್ಲಿ ಪಡೆಯಬಹುದು ಅಥವಾ https://kppp.karnataka.gov.in ವೆಬ್ ಸೈಟಿನಿಂದ ಪಡೆಯಬಹುದು.
6) ಯಾವುದೇ ಕಾರಣ ನೀಡದೇ ಕೋಟೇಶನ್‌ಗಳನ್ನು ಸ್ವೀಕರಿಸುವ ಅಥವಾ ತಿರಸ್ಕರಿಸುವ ಅಧಿಕಾರವನ್ನು ಈ ಕೆಳಗೆ ಸಹಿ ಮಾಡಿದ ಅಧಿಕಾರಿಗಳು ಕಾಯ್ದಿರಿಸಿದ್ದಾರೆ.
ಸಹಿ/- (ಅಜ್ಞಾತ ಪಿ.ಸೋನವಣೆ) ಕಾರ್ಯನಿರ್ವಾಹಕ ಇಂಜನೀಯರರು, ಕೃಷ್ಣಾಪುರಿ, ನಿಮಕೋಶ ಐಬಿಸಿ ವಿಭಾಗ, ರಾಂಪೂರ (ತಾ.ಕೆ)
ವಾಪಾಸಂ/ಸಿಎಂಎಂಐ/417/ಕೆಎಸ್‌ಎಂಸಿಎ/2025-26
